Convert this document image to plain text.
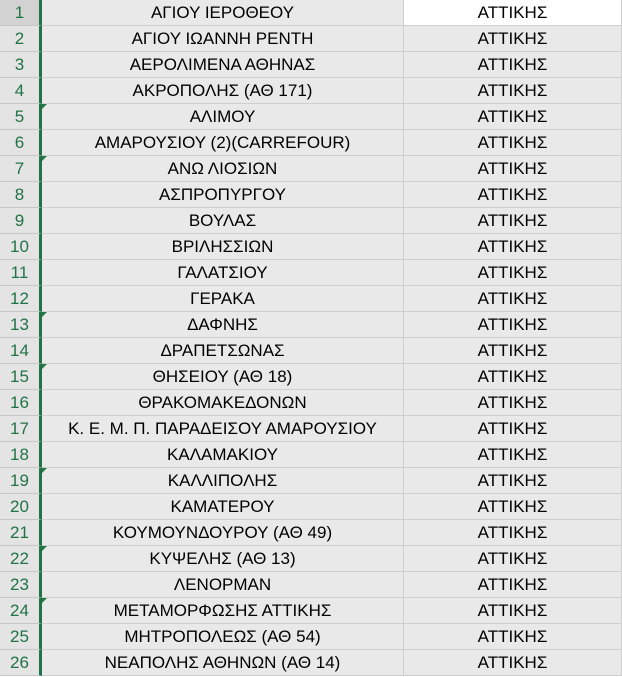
1	ΑΓΙΟΥ ΙΕΡΟΘΕΟΥ	ΑΤΤΙΚΗΣ
2	ΑΓΙΟΥ ΙΩΑΝΝΗ ΡΕΝΤΗ	ΑΤΤΙΚΗΣ
3	ΑΕΡΟΛΙΜΕΝΑ ΑΘΗΝΑΣ	ΑΤΤΙΚΗΣ
4	ΑΚΡΟΠΟΛΗΣ (ΑΘ 171)	ΑΤΤΙΚΗΣ
5	ΑΛΙΜΟΥ	ΑΤΤΙΚΗΣ
6	ΑΜΑΡΟΥΣΙΟΥ (2)(CARREFOUR)	ΑΤΤΙΚΗΣ
7	ΑΝΩ ΛΙΟΣΙΩΝ	ΑΤΤΙΚΗΣ
8	ΑΣΠΡΟΠΥΡΓΟΥ	ΑΤΤΙΚΗΣ
9	ΒΟΥΛΑΣ	ΑΤΤΙΚΗΣ
10	ΒΡΙΛΗΣΣΙΩΝ	ΑΤΤΙΚΗΣ
11	ΓΑΛΑΤΣΙΟΥ	ΑΤΤΙΚΗΣ
12	ΓΕΡΑΚΑ	ΑΤΤΙΚΗΣ
13	ΔΑΦΝΗΣ	ΑΤΤΙΚΗΣ
14	ΔΡΑΠΕΤΣΩΝΑΣ	ΑΤΤΙΚΗΣ
15	ΘΗΣΕΙΟΥ (ΑΘ 18)	ΑΤΤΙΚΗΣ
16	ΘΡΑΚΟΜΑΚΕΔΟΝΩΝ	ΑΤΤΙΚΗΣ
17	Κ. Ε. Μ. Π. ΠΑΡΑΔΕΙΣΟΥ ΑΜΑΡΟΥΣΙΟΥ	ΑΤΤΙΚΗΣ
18	ΚΑΛΑΜΑΚΙΟΥ	ΑΤΤΙΚΗΣ
19	ΚΑΛΛΙΠΟΛΗΣ	ΑΤΤΙΚΗΣ
20	ΚΑΜΑΤΕΡΟΥ	ΑΤΤΙΚΗΣ
21	ΚΟΥΜΟΥΝΔΟΥΡΟΥ (ΑΘ 49)	ΑΤΤΙΚΗΣ
22	ΚΥΨΕΛΗΣ (ΑΘ 13)	ΑΤΤΙΚΗΣ
23	ΛΕΝΟΡΜΑΝ	ΑΤΤΙΚΗΣ
24	ΜΕΤΑΜΟΡΦΩΣΗΣ ΑΤΤΙΚΗΣ	ΑΤΤΙΚΗΣ
25	ΜΗΤΡΟΠΟΛΕΩΣ (ΑΘ 54)	ΑΤΤΙΚΗΣ
26	ΝΕΑΠΟΛΗΣ ΑΘΗΝΩΝ (ΑΘ 14)	ΑΤΤΙΚΗΣ
